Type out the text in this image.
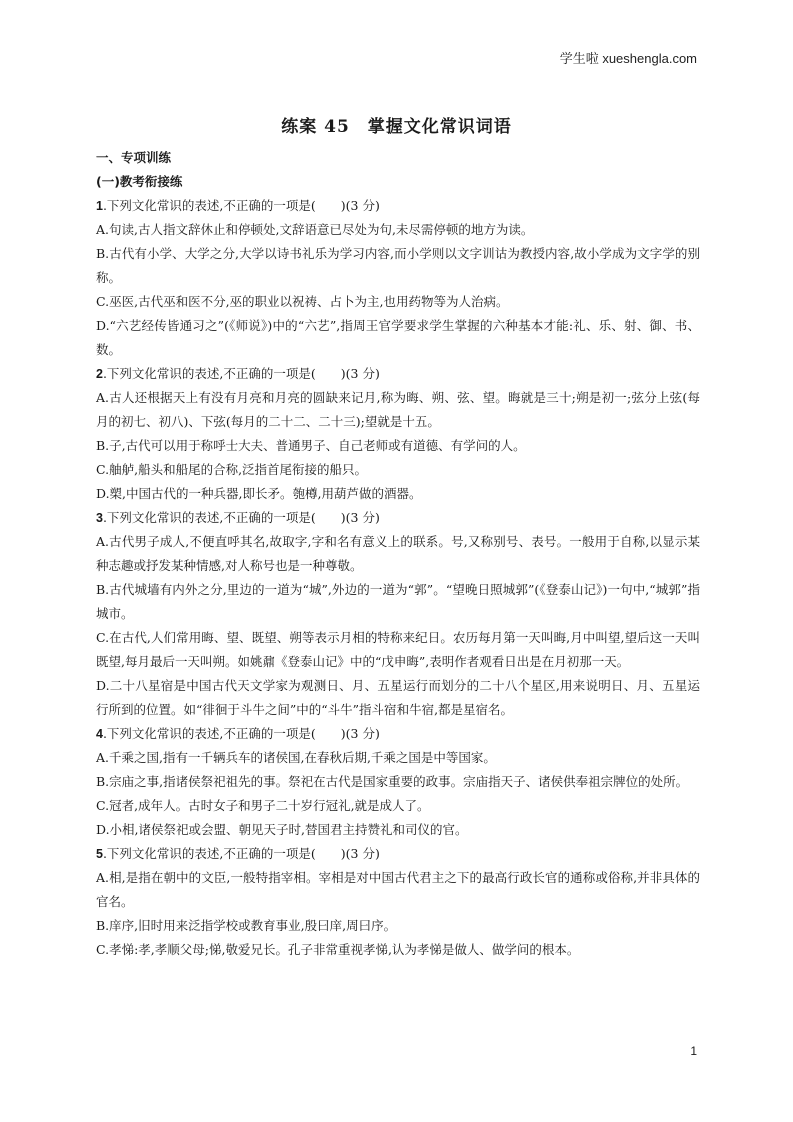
学生啦 xueshengla.com
练案 45　掌握文化常识词语
一、专项训练
(一)教考衔接练
1.下列文化常识的表述,不正确的一项是(　　)(3 分)
A.句读,古人指文辞休止和停顿处,文辞语意已尽处为句,未尽需停顿的地方为读。
B.古代有小学、大学之分,大学以诗书礼乐为学习内容,而小学则以文字训诂为教授内容,故小学成为文字学的别称。
C.巫医,古代巫和医不分,巫的职业以祝祷、占卜为主,也用药物等为人治病。
D.“六艺经传皆通习之”(《师说》)中的“六艺”,指周王官学要求学生掌握的六种基本才能:礼、乐、射、御、书、数。
2.下列文化常识的表述,不正确的一项是(　　)(3 分)
A.古人还根据天上有没有月亮和月亮的圆缺来记月,称为晦、朔、弦、望。晦就是三十;朔是初一;弦分上弦(每月的初七、初八)、下弦(每月的二十二、二十三);望就是十五。
B.子,古代可以用于称呼士大夫、普通男子、自己老师或有道德、有学问的人。
C.舳舻,船头和船尾的合称,泛指首尾衔接的船只。
D.槊,中国古代的一种兵器,即长矛。匏樽,用葫芦做的酒器。
3.下列文化常识的表述,不正确的一项是(　　)(3 分)
A.古代男子成人,不便直呼其名,故取字,字和名有意义上的联系。号,又称别号、表号。一般用于自称,以显示某种志趣或抒发某种情感,对人称号也是一种尊敬。
B.古代城墙有内外之分,里边的一道为“城”,外边的一道为“郭”。“望晚日照城郭”(《登泰山记》)一句中,“城郭”指城市。
C.在古代,人们常用晦、望、既望、朔等表示月相的特称来纪日。农历每月第一天叫晦,月中叫望,望后这一天叫既望,每月最后一天叫朔。如姚鼐《登泰山记》中的“戊申晦”,表明作者观看日出是在月初那一天。
D.二十八星宿是中国古代天文学家为观测日、月、五星运行而划分的二十八个星区,用来说明日、月、五星运行所到的位置。如“徘徊于斗牛之间”中的“斗牛”指斗宿和牛宿,都是星宿名。
4.下列文化常识的表述,不正确的一项是(　　)(3 分)
A.千乘之国,指有一千辆兵车的诸侯国,在春秋后期,千乘之国是中等国家。
B.宗庙之事,指诸侯祭祀祖先的事。祭祀在古代是国家重要的政事。宗庙指天子、诸侯供奉祖宗牌位的处所。
C.冠者,成年人。古时女子和男子二十岁行冠礼,就是成人了。
D.小相,诸侯祭祀或会盟、朝见天子时,替国君主持赞礼和司仪的官。
5.下列文化常识的表述,不正确的一项是(　　)(3 分)
A.相,是指在朝中的文臣,一般特指宰相。宰相是对中国古代君主之下的最高行政长官的通称或俗称,并非具体的官名。
B.庠序,旧时用来泛指学校或教育事业,殷曰庠,周曰序。
C.孝悌:孝,孝顺父母;悌,敬爱兄长。孔子非常重视孝悌,认为孝悌是做人、做学问的根本。
1
